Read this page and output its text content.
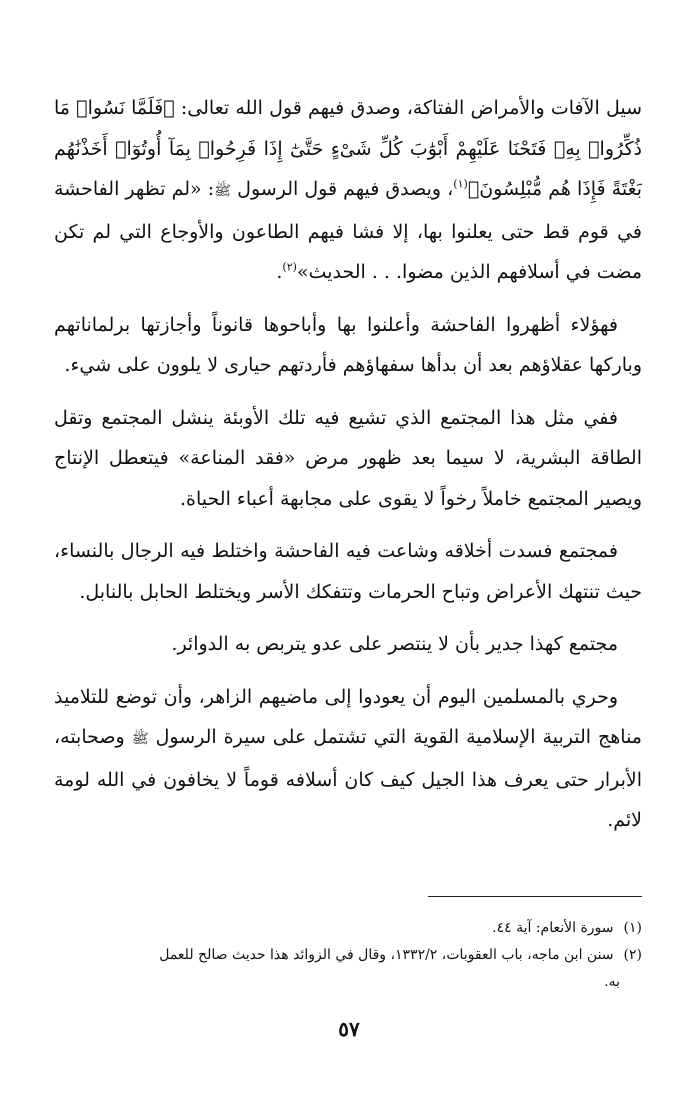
سيل الآفات والأمراض الفتاكة، وصدق فيهم قول الله تعالى: ﴿فَلَمَّا نَسُوا۟ مَا ذُكِّرُوا۟ بِهِۦ فَتَحْنَا عَلَيْهِمْ أَبْوَٰبَ كُلِّ شَىْءٍ حَتَّىٰٓ إِذَا فَرِحُوا۟ بِمَآ أُوتُوٓا۟ أَخَذْنَٰهُم بَغْتَةً فَإِذَا هُم مُّبْلِسُونَ﴾$^{(١)}$، ويصدق فيهم قول الرسول ﷺ: «لم تظهر الفاحشة في قوم قط حتى يعلنوا بها، إلا فشا فيهم الطاعون والأوجاع التي لم تكن مضت في أسلافهم الذين مضوا. . . الحديث»$^{(٢)}$.

فهؤلاء أظهروا الفاحشة وأعلنوا بها وأباحوها قانوناً وأجازتها برلماناتهم وباركها عقلاؤهم بعد أن بدأها سفهاؤهم فأردتهم حيارى لا يلوون على شيء.

ففي مثل هذا المجتمع الذي تشيع فيه تلك الأوبئة ينشل المجتمع وتقل الطاقة البشرية، لا سيما بعد ظهور مرض «فقد المناعة» فيتعطل الإنتاج ويصير المجتمع خاملاً رخواً لا يقوى على مجابهة أعباء الحياة.

فمجتمع فسدت أخلاقه وشاعت فيه الفاحشة واختلط فيه الرجال بالنساء، حيث تنتهك الأعراض وتباح الحرمات وتتفكك الأسر ويختلط الحابل بالنابل.

مجتمع كهذا جدير بأن لا ينتصر على عدو يتربص به الدوائر.

وحري بالمسلمين اليوم أن يعودوا إلى ماضيهم الزاهر، وأن توضع للتلاميذ مناهج التربية الإسلامية القوية التي تشتمل على سيرة الرسول ﷺ وصحابته، الأبرار حتى يعرف هذا الجيل كيف كان أسلافه قوماً لا يخافون في الله لومة لائم.

(١)سورة الأنعام: آية ٤٤.

(٢)سنن ابن ماجه، باب العقوبات، ١٣٣٢/٢، وقال في الزوائد هذا حديث صالح للعمل

به.

٥٧
